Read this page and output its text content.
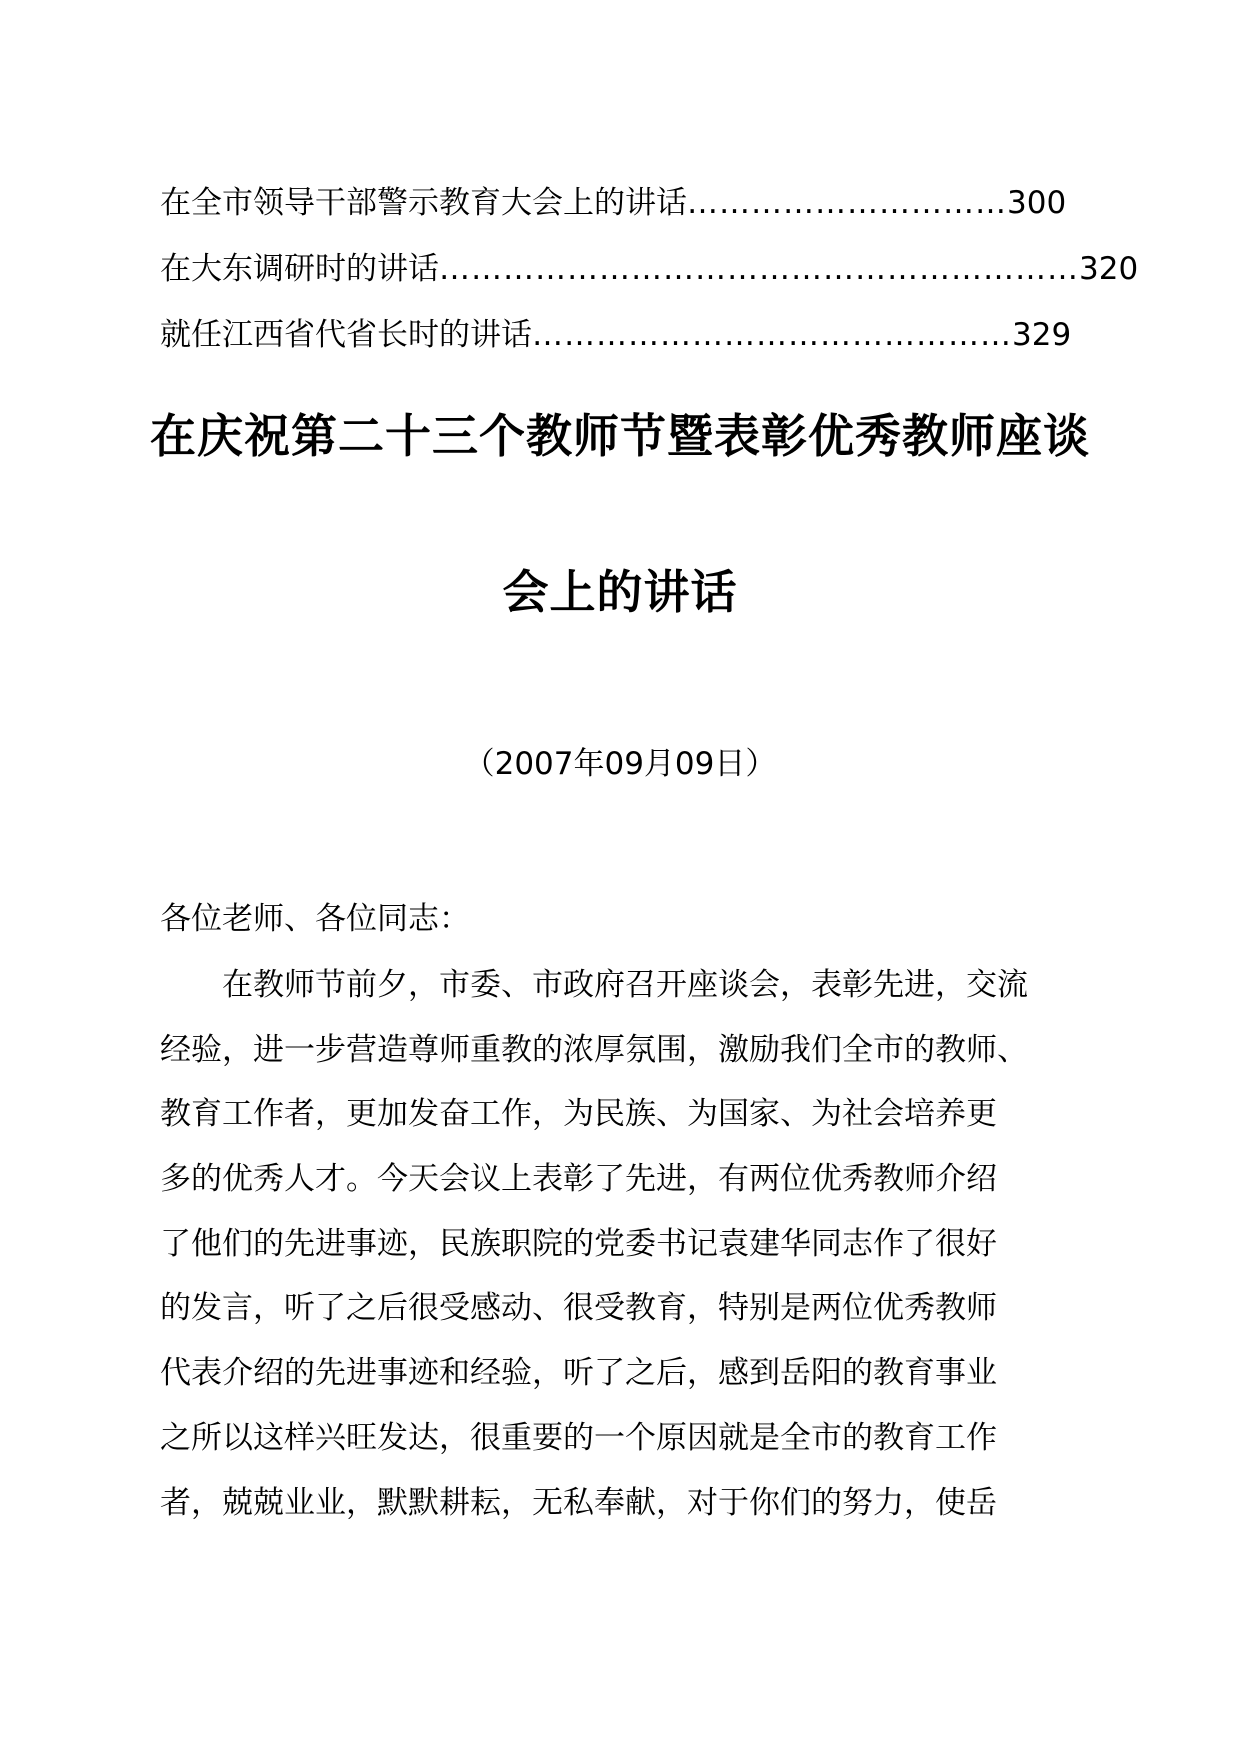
在全市领导干部警示教育大会上的讲话 ………………………… 300
在大东调研时的讲话 …………………………………………………… 320
就任江西省代省长时的讲话 ……………………………………… 329
在庆祝第二十三个教师节暨表彰优秀教师座谈
会上的讲话
（2007年09月09日）
各位老师、各位同志：
　　在教师节前夕，市委、市政府召开座谈会，表彰先进，交流
经验，进一步营造尊师重教的浓厚氛围，激励我们全市的教师、
教育工作者，更加发奋工作，为民族、为国家、为社会培养更
多的优秀人才。今天会议上表彰了先进，有两位优秀教师介绍
了他们的先进事迹，民族职院的党委书记袁建华同志作了很好
的发言，听了之后很受感动、很受教育，特别是两位优秀教师
代表介绍的先进事迹和经验，听了之后，感到岳阳的教育事业
之所以这样兴旺发达，很重要的一个原因就是全市的教育工作
者，兢兢业业，默默耕耘，无私奉献，对于你们的努力，使岳
